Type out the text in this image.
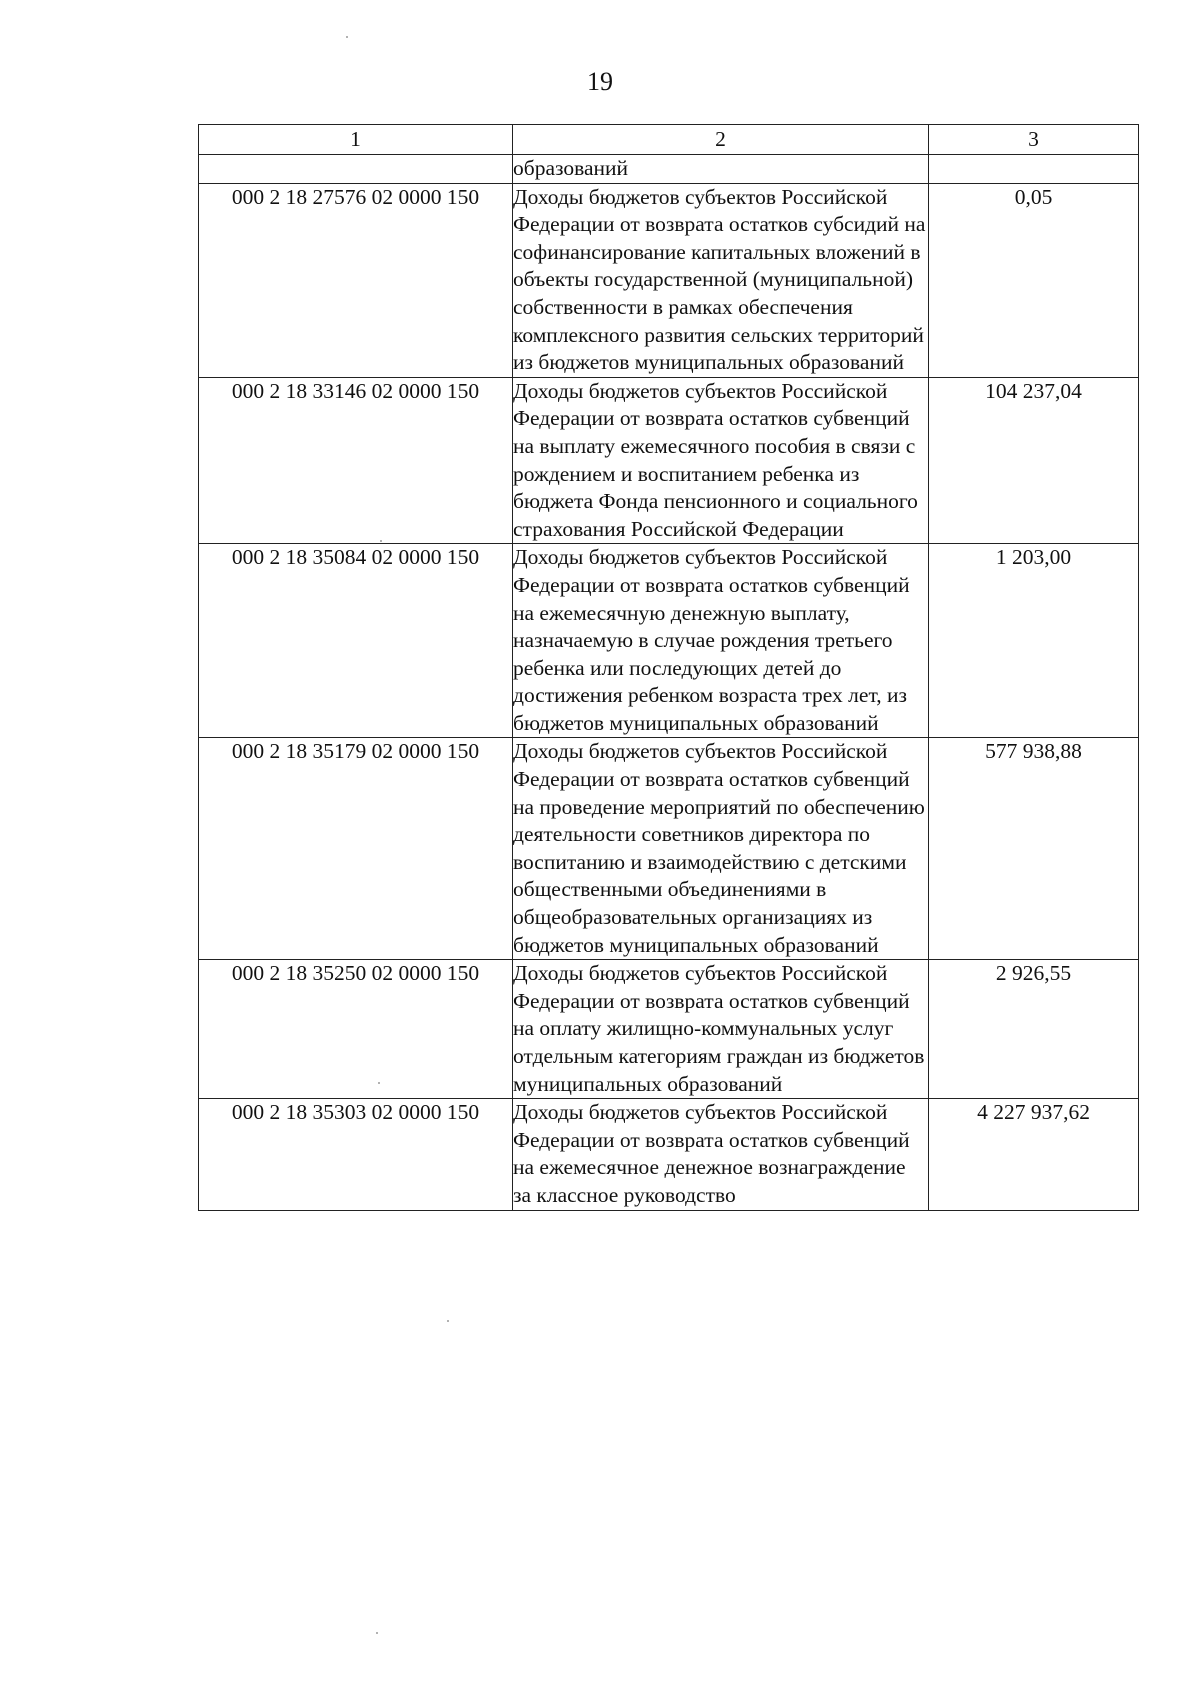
19
1	2	3
	образований	
000 2 18 27576 02 0000 150	Доходы бюджетов субъектов Российской Федерации от возврата остатков субсидий на софинансирование капитальных вложений в объекты государственной (муниципальной) собственности в рамках обеспечения комплексного развития сельских территорий из бюджетов муниципальных образований	0,05
000 2 18 33146 02 0000 150	Доходы бюджетов субъектов Российской Федерации от возврата остатков субвенций на выплату ежемесячного пособия в связи с рождением и воспитанием ребенка из бюджета Фонда пенсионного и социального страхования Российской Федерации	104 237,04
000 2 18 35084 02 0000 150	Доходы бюджетов субъектов Российской Федерации от возврата остатков субвенций на ежемесячную денежную выплату, назначаемую в случае рождения третьего ребенка или последующих детей до достижения ребенком возраста трех лет, из бюджетов муниципальных образований	1 203,00
000 2 18 35179 02 0000 150	Доходы бюджетов субъектов Российской Федерации от возврата остатков субвенций на проведение мероприятий по обеспечению деятельности советников директора по воспитанию и взаимодействию с детскими общественными объединениями в общеобразовательных организациях из бюджетов муниципальных образований	577 938,88
000 2 18 35250 02 0000 150	Доходы бюджетов субъектов Российской Федерации от возврата остатков субвенций на оплату жилищно-коммунальных услуг отдельным категориям граждан из бюджетов муниципальных образований	2 926,55
000 2 18 35303 02 0000 150	Доходы бюджетов субъектов Российской Федерации от возврата остатков субвенций на ежемесячное денежное вознаграждение за классное руководство	4 227 937,62
